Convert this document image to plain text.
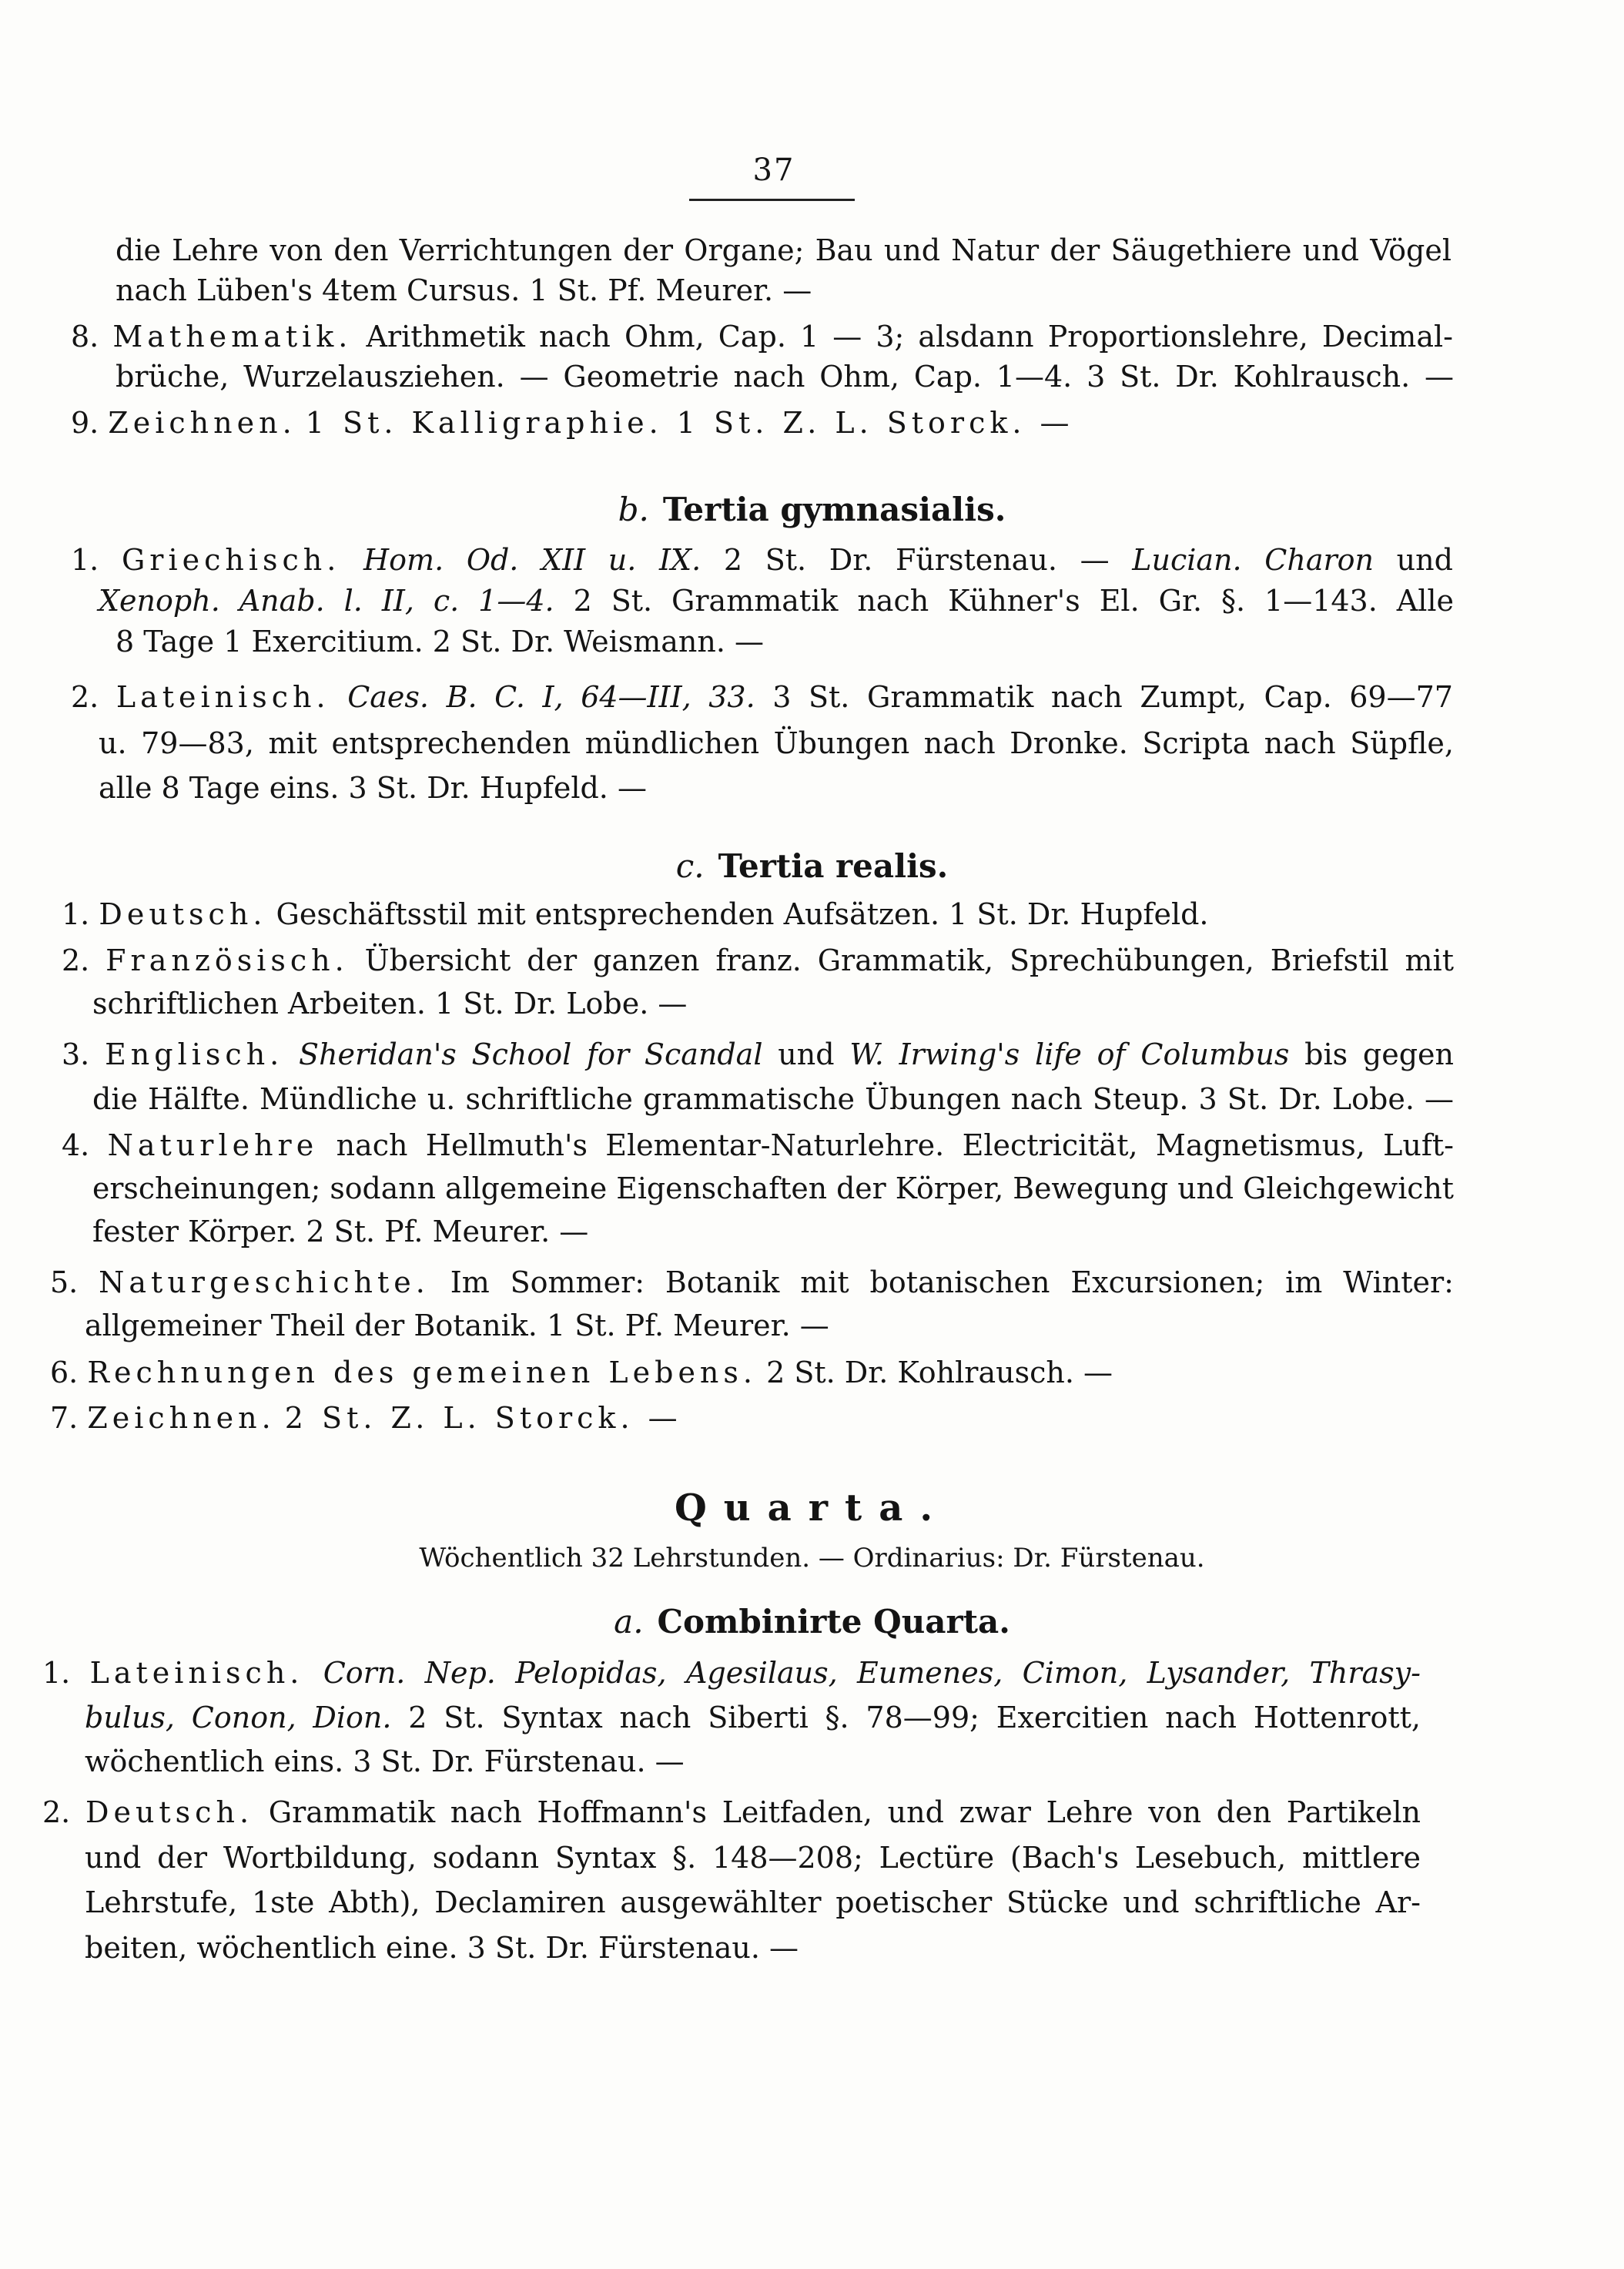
37
die Lehre von den Verrichtungen der Organe; Bau und Natur der Säugethiere und Vögel
nach Lüben's 4tem Cursus. 1 St. Pf. Meurer. —
8. Mathematik. Arithmetik nach Ohm, Cap. 1 — 3; alsdann Proportionslehre, Decimal-
brüche, Wurzelausziehen. — Geometrie nach Ohm, Cap. 1—4. 3 St. Dr. Kohlrausch. —
9. Zeichnen. 1 St. Kalligraphie. 1 St. Z. L. Storck. —
b. Tertia gymnasialis.
1. Griechisch. Hom. Od. XII u. IX. 2 St. Dr. Fürstenau. — Lucian. Charon und
Xenoph. Anab. l. II, c. 1—4. 2 St. Grammatik nach Kühner's El. Gr. §. 1—143. Alle
8 Tage 1 Exercitium. 2 St. Dr. Weismann. —
2. Lateinisch. Caes. B. C. I, 64—III, 33. 3 St. Grammatik nach Zumpt, Cap. 69—77
u. 79—83, mit entsprechenden mündlichen Übungen nach Dronke. Scripta nach Süpfle,
alle 8 Tage eins. 3 St. Dr. Hupfeld. —
c. Tertia realis.
1. Deutsch. Geschäftsstil mit entsprechenden Aufsätzen. 1 St. Dr. Hupfeld.
2. Französisch. Übersicht der ganzen franz. Grammatik, Sprechübungen, Briefstil mit
schriftlichen Arbeiten. 1 St. Dr. Lobe. —
3. Englisch. Sheridan's School for Scandal und W. Irwing's life of Columbus bis gegen
die Hälfte. Mündliche u. schriftliche grammatische Übungen nach Steup. 3 St. Dr. Lobe. —
4. Naturlehre nach Hellmuth's Elementar-Naturlehre. Electricität, Magnetismus, Luft-
erscheinungen; sodann allgemeine Eigenschaften der Körper, Bewegung und Gleichgewicht
fester Körper. 2 St. Pf. Meurer. —
5. Naturgeschichte. Im Sommer: Botanik mit botanischen Excursionen; im Winter:
allgemeiner Theil der Botanik. 1 St. Pf. Meurer. —
6. Rechnungen des gemeinen Lebens. 2 St. Dr. Kohlrausch. —
7. Zeichnen. 2 St. Z. L. Storck. —
Quarta.
Wöchentlich 32 Lehrstunden. — Ordinarius: Dr. Fürstenau.
a. Combinirte Quarta.
1. Lateinisch. Corn. Nep. Pelopidas, Agesilaus, Eumenes, Cimon, Lysander, Thrasy-
bulus, Conon, Dion. 2 St. Syntax nach Siberti §. 78—99; Exercitien nach Hottenrott,
wöchentlich eins. 3 St. Dr. Fürstenau. —
2. Deutsch. Grammatik nach Hoffmann's Leitfaden, und zwar Lehre von den Partikeln
und der Wortbildung, sodann Syntax §. 148—208; Lectüre (Bach's Lesebuch, mittlere
Lehrstufe, 1ste Abth), Declamiren ausgewählter poetischer Stücke und schriftliche Ar-
beiten, wöchentlich eine. 3 St. Dr. Fürstenau. —
